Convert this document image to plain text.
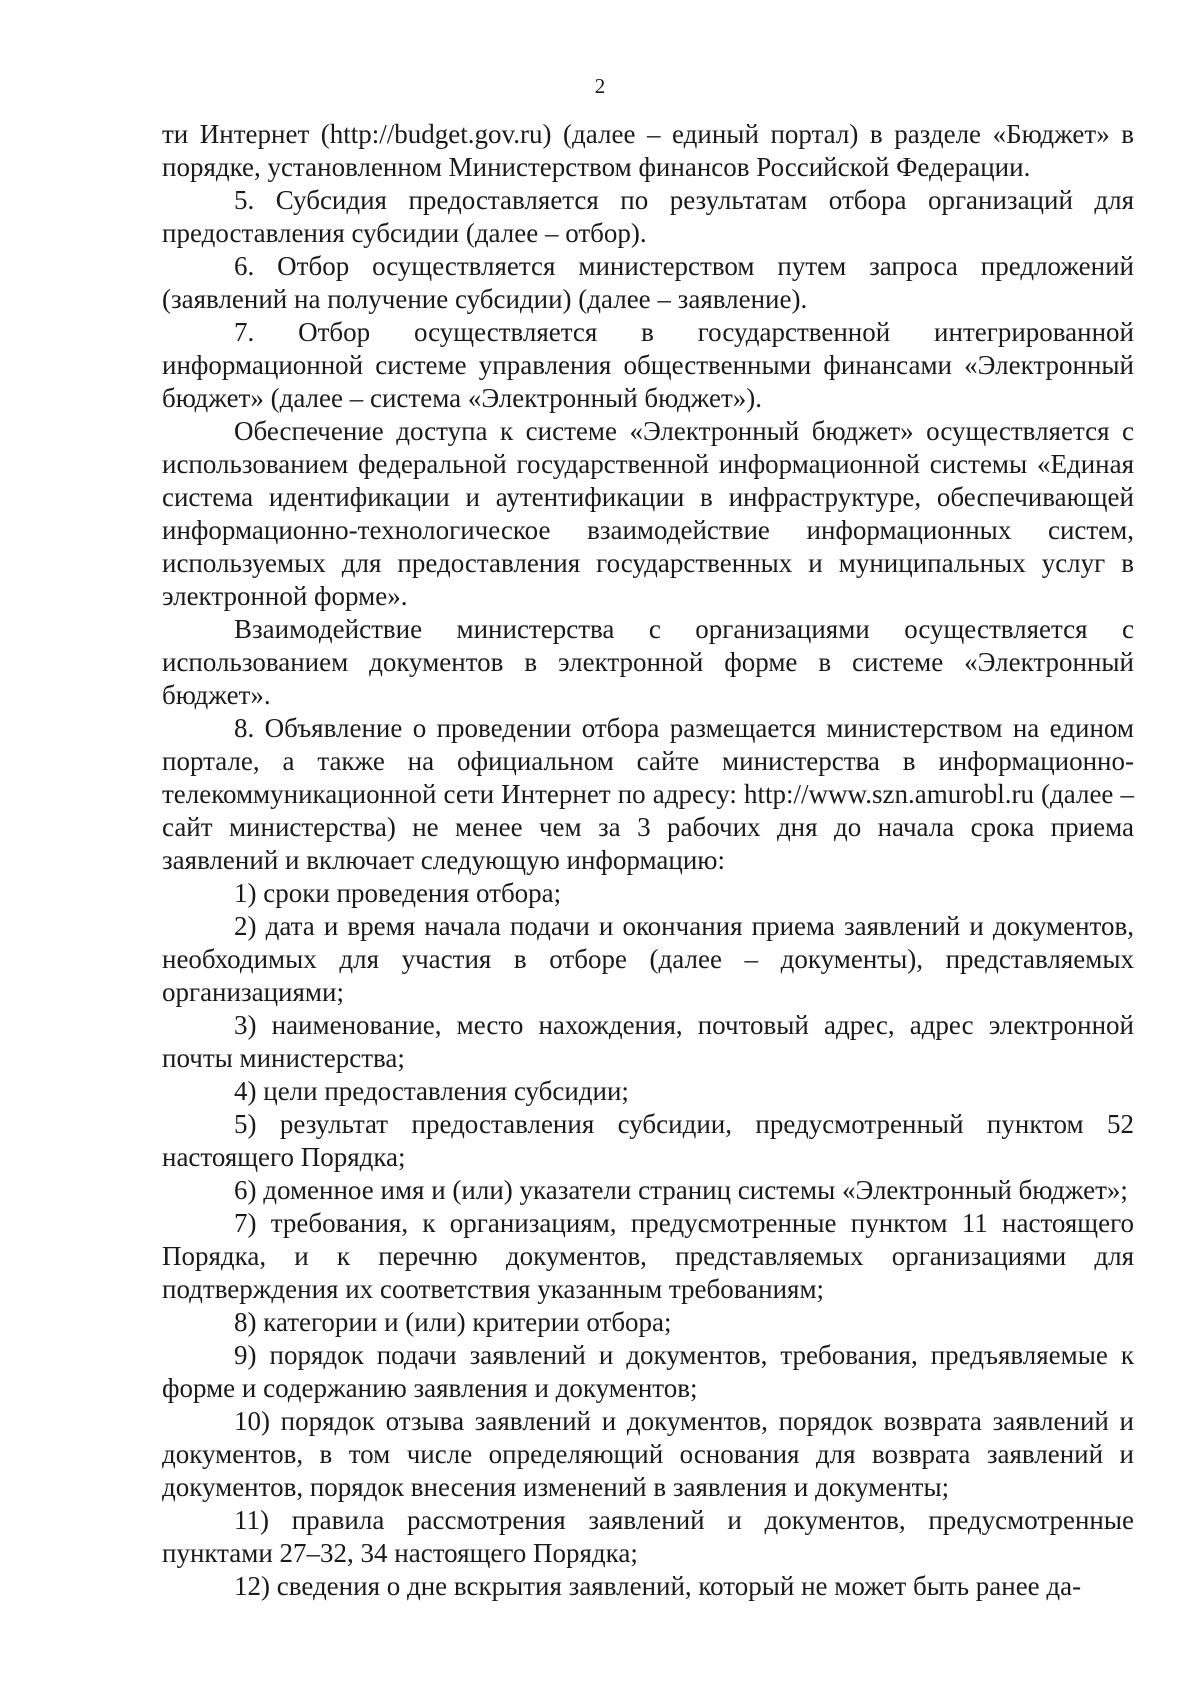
2

ти Интернет (http://budget.gov.ru) (далее – единый портал) в разделе «Бюджет» в порядке, установленном Министерством финансов Российской Федерации.

5. Субсидия предоставляется по результатам отбора организаций для предоставления субсидии (далее – отбор).

6. Отбор осуществляется министерством путем запроса предложений (заявлений на получение субсидии) (далее – заявление).

7. Отбор осуществляется в государственной интегрированной информационной системе управления общественными финансами «Электронный бюджет» (далее – система «Электронный бюджет»).

Обеспечение доступа к системе «Электронный бюджет» осуществляется с использованием федеральной государственной информационной системы «Единая система идентификации и аутентификации в инфраструктуре, обеспечивающей информационно-технологическое взаимодействие информационных систем, используемых для предоставления государственных и муниципальных услуг в электронной форме».

Взаимодействие министерства с организациями осуществляется с использованием документов в электронной форме в системе «Электронный бюджет».

8. Объявление о проведении отбора размещается министерством на едином портале, а также на официальном сайте министерства в информационно-телекоммуникационной сети Интернет по адресу: http://www.szn.amurobl.ru (далее – сайт министерства) не менее чем за 3 рабочих дня до начала срока приема заявлений и включает следующую информацию:

1) сроки проведения отбора;

2) дата и время начала подачи и окончания приема заявлений и документов, необходимых для участия в отборе (далее – документы), представляемых организациями;

3) наименование, место нахождения, почтовый адрес, адрес электронной почты министерства;

4) цели предоставления субсидии;

5) результат предоставления субсидии, предусмотренный пунктом 52 настоящего Порядка;

6) доменное имя и (или) указатели страниц системы «Электронный бюджет»;

7) требования, к организациям, предусмотренные пунктом 11 настоящего Порядка, и к перечню документов, представляемых организациями для подтверждения их соответствия указанным требованиям;

8) категории и (или) критерии отбора;

9) порядок подачи заявлений и документов, требования, предъявляемые к форме и содержанию заявления и документов;

10) порядок отзыва заявлений и документов, порядок возврата заявлений и документов, в том числе определяющий основания для возврата заявлений и документов, порядок внесения изменений в заявления и документы;

11) правила рассмотрения заявлений и документов, предусмотренные пунктами 27–32, 34 настоящего Порядка;

12) сведения о дне вскрытия заявлений, который не может быть ранее да-
